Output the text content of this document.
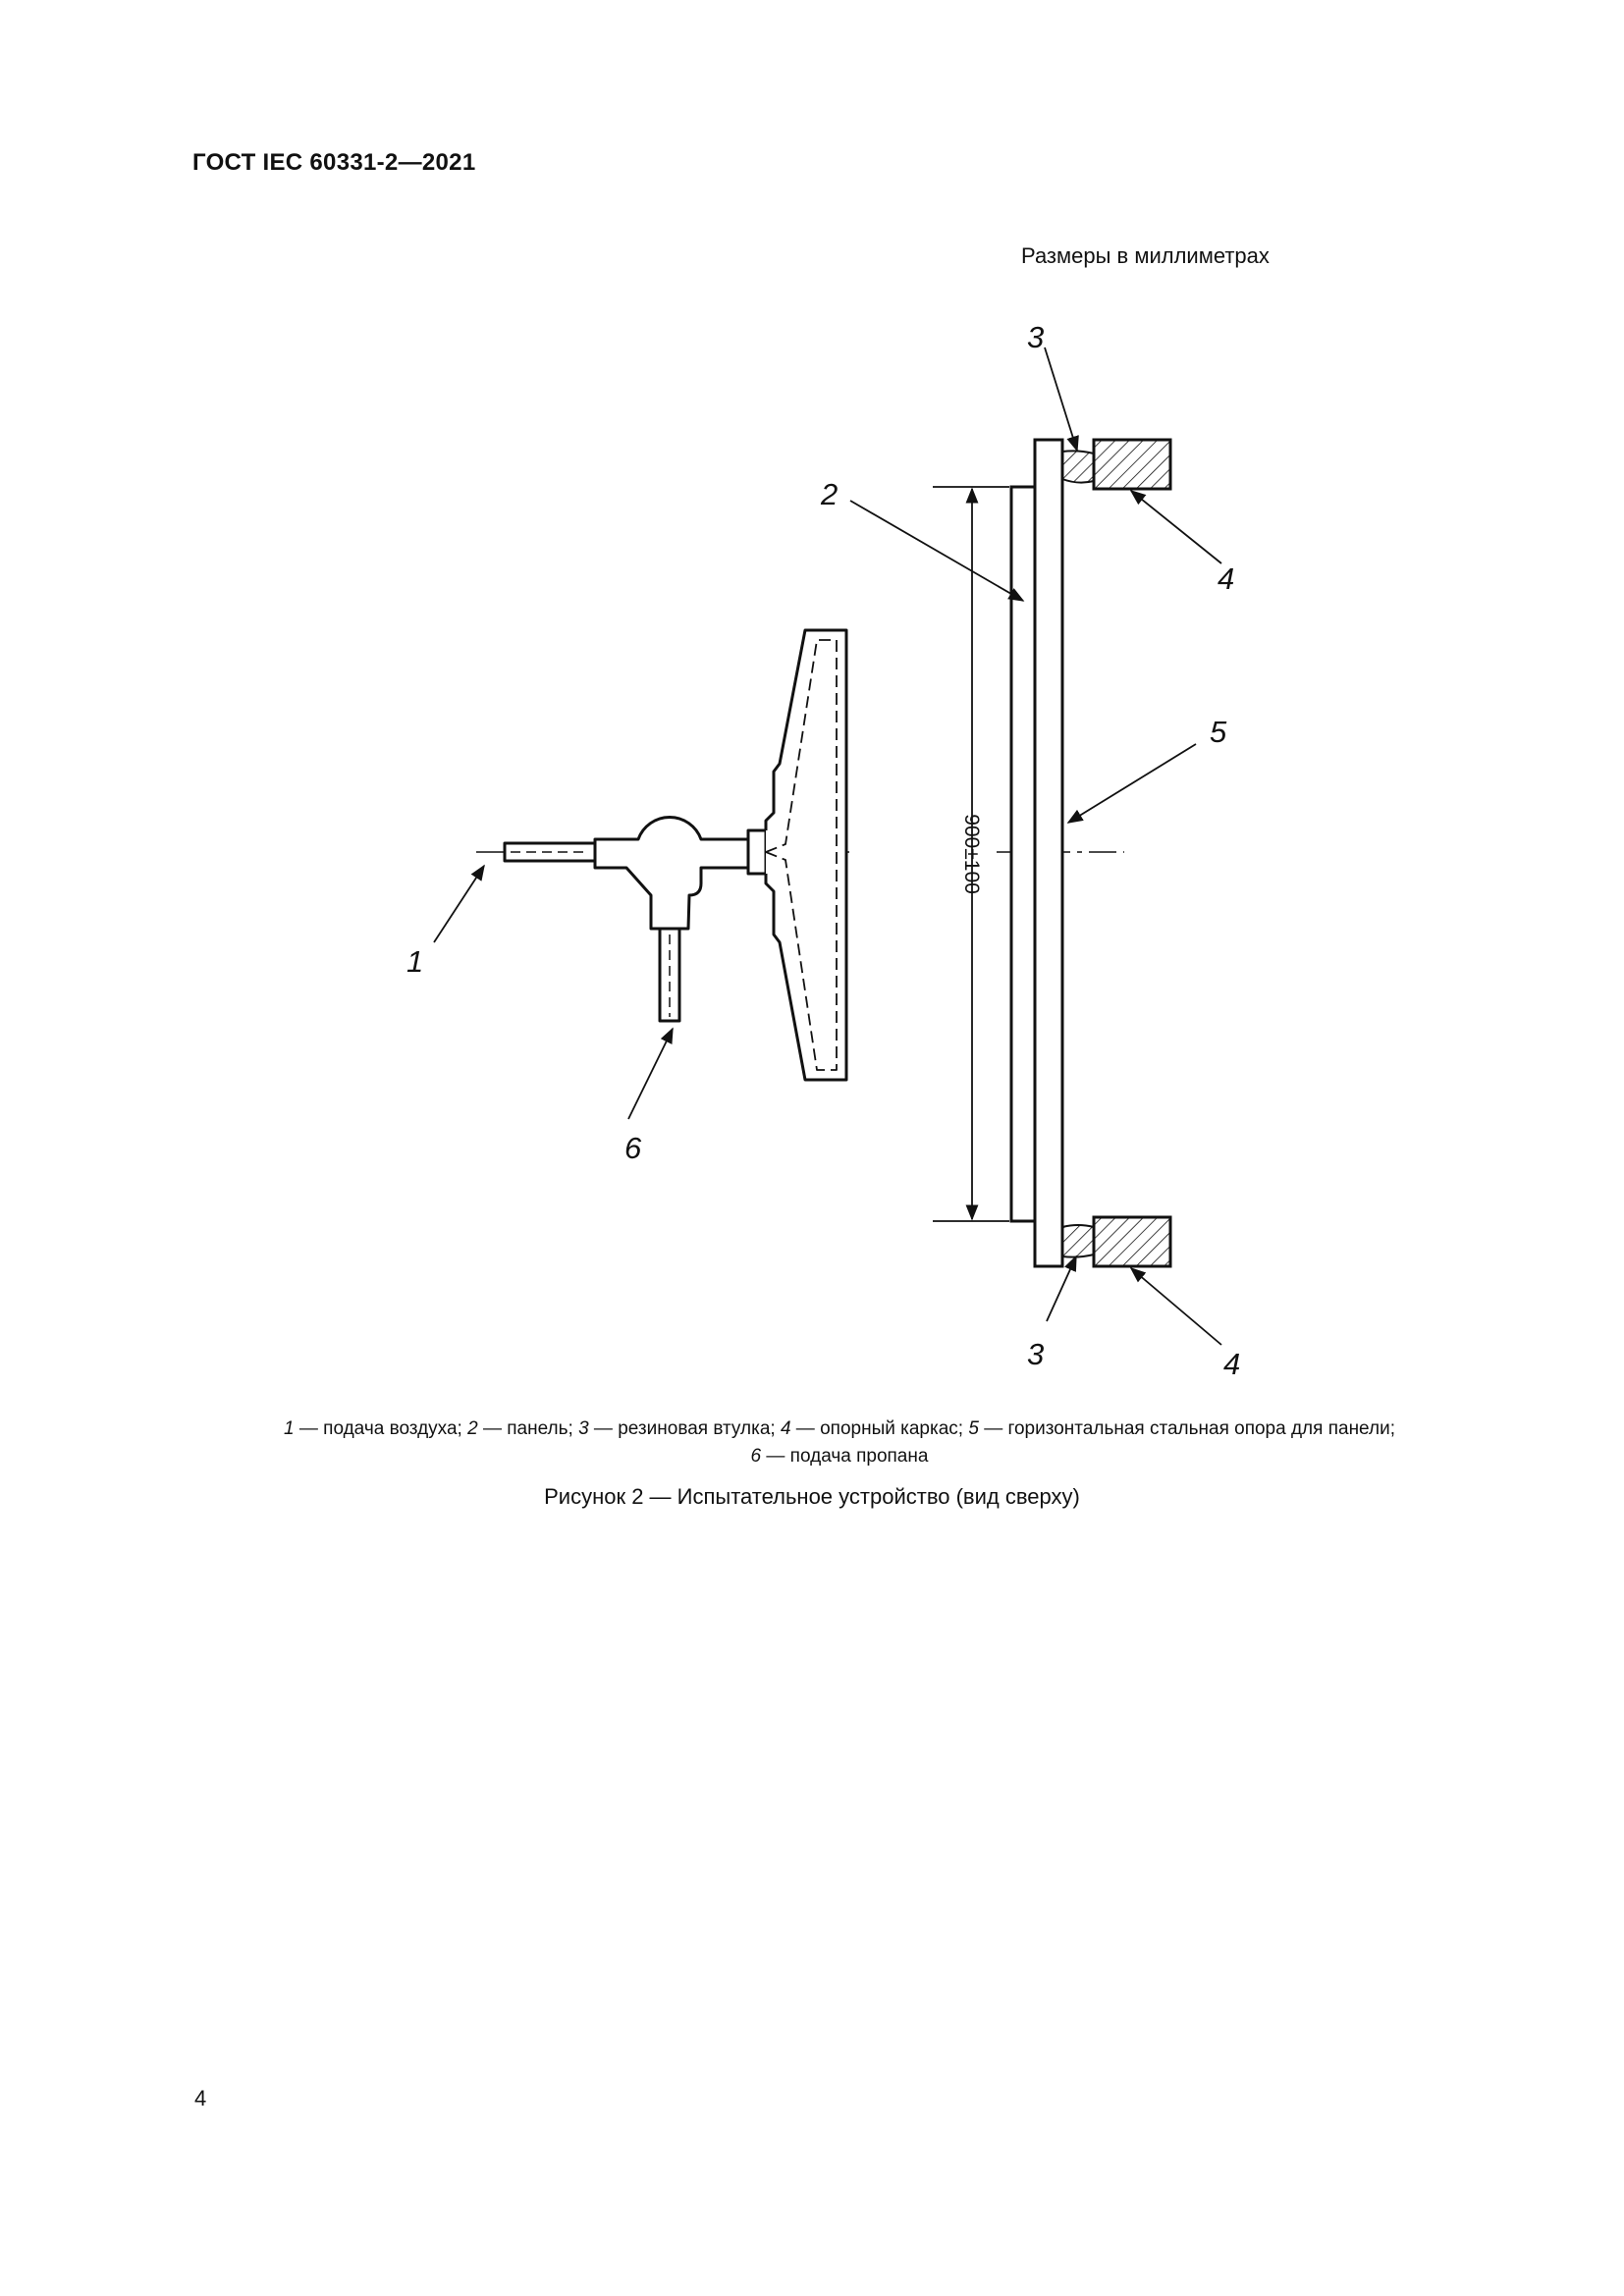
ГОСТ IEC 60331-2—2021
Размеры в миллиметрах
900±100
1
2
3
4
5
6
3	4
1 — подача воздуха; 2 — панель; 3 — резиновая втулка; 4 — опорный каркас; 5 — горизонтальная стальная опора для панели;
6 — подача пропана
Рисунок 2 — Испытательное устройство (вид сверху)
4
